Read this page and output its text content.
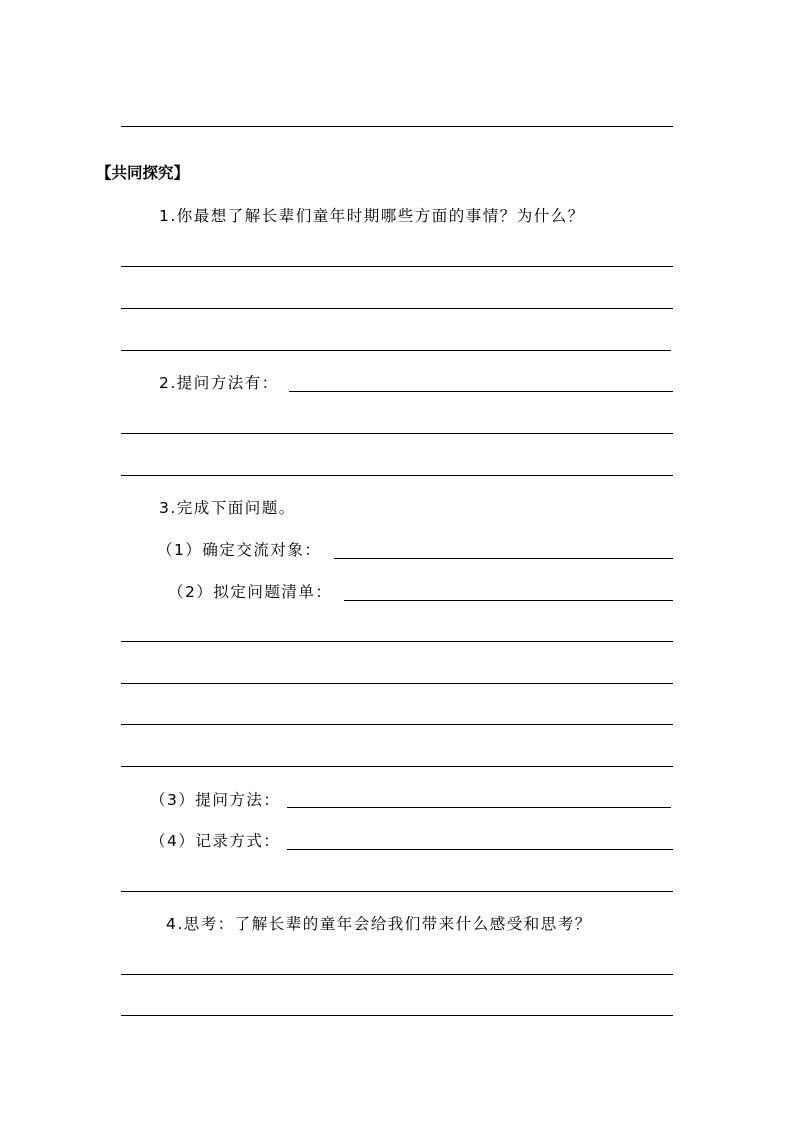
【共同探究】
1.你最想了解长辈们童年时期哪些方面的事情？为什么？
2.提问方法有：
3.完成下面问题。
（1）确定交流对象：
（2）拟定问题清单：
（3）提问方法：
（4）记录方式：
4.思考：了解长辈的童年会给我们带来什么感受和思考？
